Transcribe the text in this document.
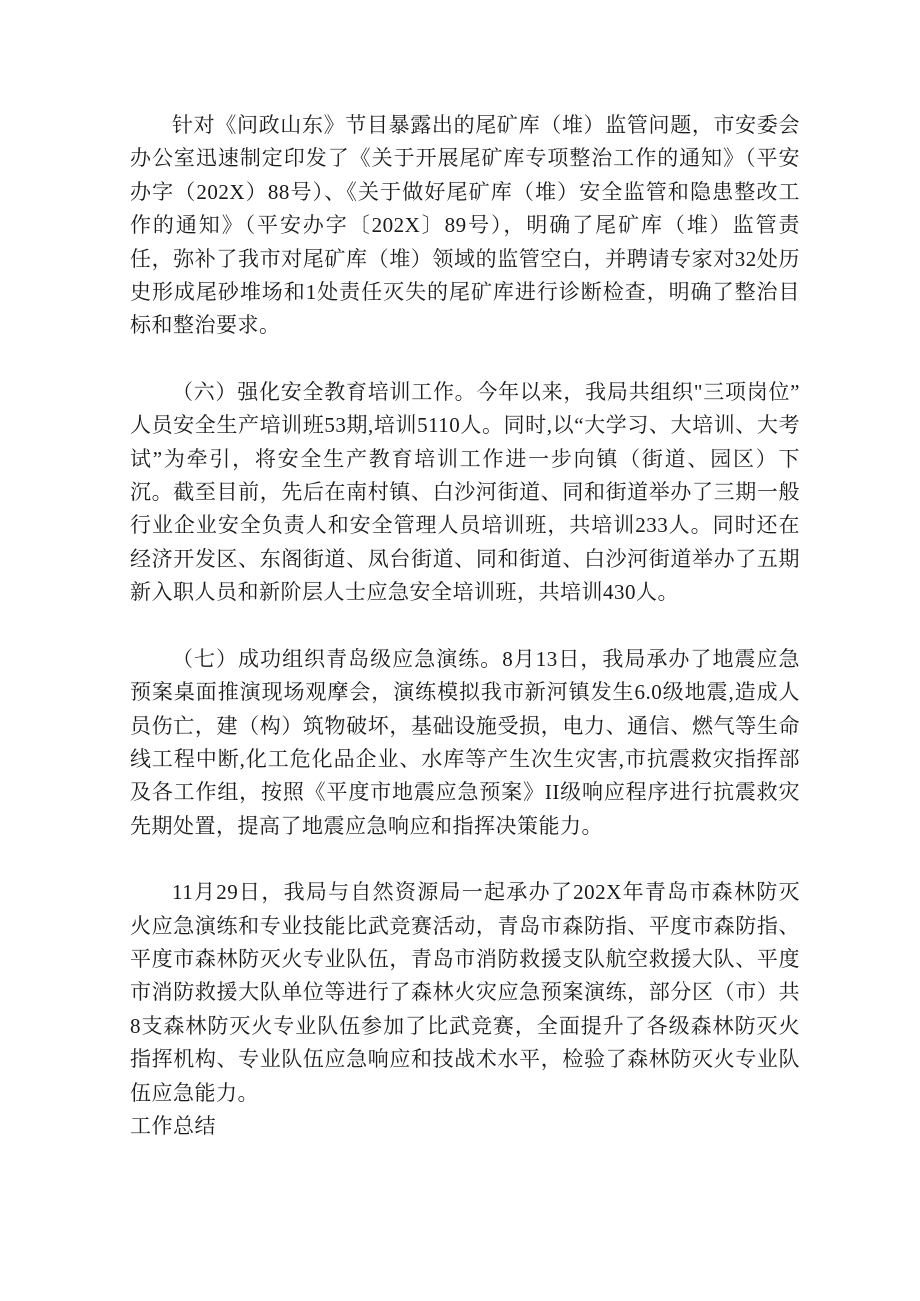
针对《问政山东》节目暴露出的尾矿库（堆）监管问题，市安委会办公室迅速制定印发了《关于开展尾矿库专项整治工作的通知》（平安办字（202X）88号）、《关于做好尾矿库（堆）安全监管和隐患整改工作的通知》（平安办字〔202X〕89号），明确了尾矿库（堆）监管责任，弥补了我市对尾矿库（堆）领域的监管空白，并聘请专家对32处历史形成尾砂堆场和1处责任灭失的尾矿库进行诊断检查，明确了整治目标和整治要求。

（六）强化安全教育培训工作。今年以来，我局共组织"三项岗位”人员安全生产培训班53期,培训5110人。同时,以“大学习、大培训、大考试”为牵引，将安全生产教育培训工作进一步向镇（街道、园区）下沉。截至目前，先后在南村镇、白沙河街道、同和街道举办了三期一般行业企业安全负责人和安全管理人员培训班，共培训233人。同时还在经济开发区、东阁街道、凤台街道、同和街道、白沙河街道举办了五期新入职人员和新阶层人士应急安全培训班，共培训430人。

（七）成功组织青岛级应急演练。8月13日，我局承办了地震应急预案桌面推演现场观摩会，演练模拟我市新河镇发生6.0级地震,造成人员伤亡，建（构）筑物破坏，基础设施受损，电力、通信、燃气等生命线工程中断,化工危化品企业、水库等产生次生灾害,市抗震救灾指挥部及各工作组，按照《平度市地震应急预案》II级响应程序进行抗震救灾先期处置，提高了地震应急响应和指挥决策能力。

11月29日，我局与自然资源局一起承办了202X年青岛市森林防灭火应急演练和专业技能比武竞赛活动，青岛市森防指、平度市森防指、平度市森林防灭火专业队伍，青岛市消防救援支队航空救援大队、平度市消防救援大队单位等进行了森林火灾应急预案演练，部分区（市）共8支森林防灭火专业队伍参加了比武竞赛，全面提升了各级森林防灭火指挥机构、专业队伍应急响应和技战术水平，检验了森林防灭火专业队伍应急能力。

工作总结
